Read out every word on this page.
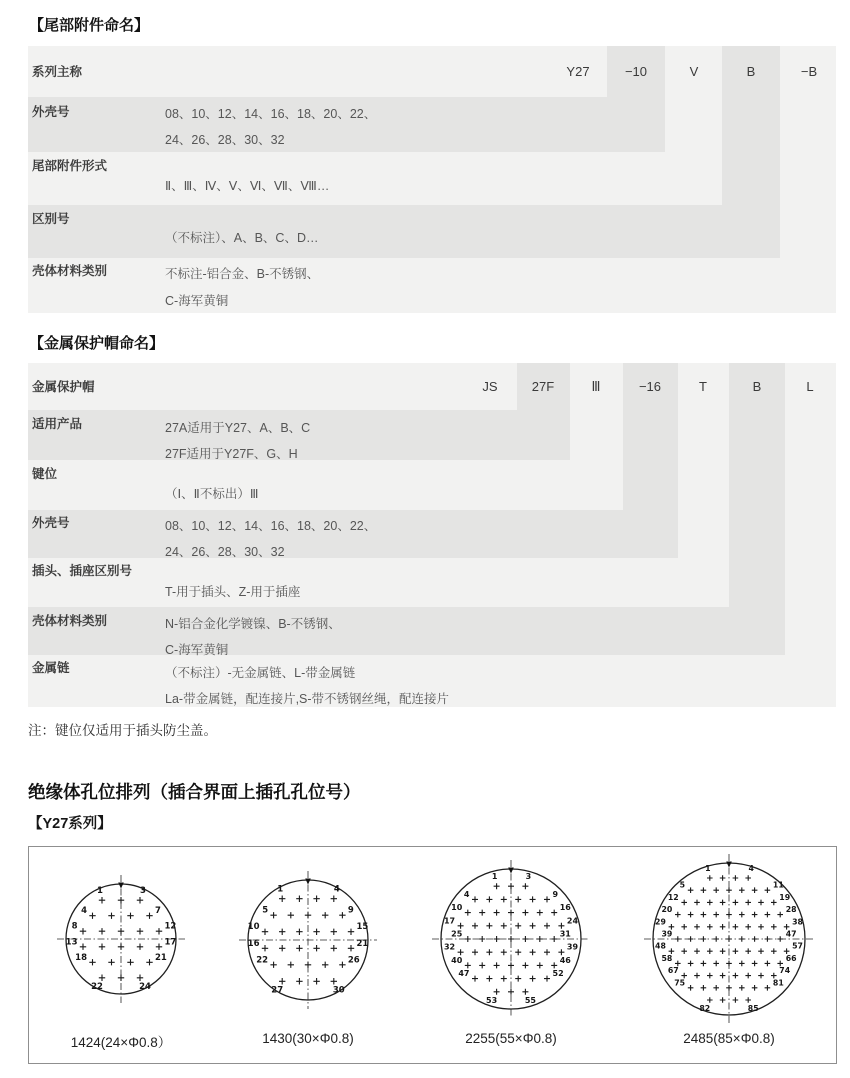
【尾部附件命名】
系列主称	Y27	−10	V	B	−B
外壳号	08、10、12、14、16、18、20、22、
24、26、28、30、32
尾部附件形式
Ⅱ、Ⅲ、Ⅳ、Ⅴ、Ⅵ、Ⅶ、Ⅷ…
区别号
（不标注）、A、B、C、D…
壳体材料类别	不标注-铝合金、B-不锈钢、
C-海军黄铜
【金属保护帽命名】
金属保护帽	JS	27F	Ⅲ	−16	T	B	L
适用产品	27A适用于Y27、A、B、C
27F适用于Y27F、G、H
键位
（Ⅰ、Ⅱ不标出）Ⅲ
外壳号	08、10、12、14、16、18、20、22、
24、26、28、30、32
插头、插座区别号
T-用于插头、Z-用于插座
壳体材料类别	N-铝合金化学镀镍、B-不锈钢、
C-海军黄铜
金属链	（不标注）-无金属链、L-带金属链
La-带金属链，配连接片,S-带不锈钢丝绳，配连接片
注：键位仅适用于插头防尘盖。
绝缘体孔位排列（插合界面上插孔孔位号）
【Y27系列】
1	3
4	7
8	12
13	17
18	21
22	24
1424(24×Φ0.8）
1	4
5	9
10	15
16	21
22	26
27	30
1430(30×Φ0.8)
1	3
4	9
10	16
17	24
25	31
32	39
40	46
47	52
53	55
2255(55×Φ0.8)
1	4
5	11
12	19
20	28
29	38
39	47
48	57
58	66
67	74
75	81
82	85
2485(85×Φ0.8)
